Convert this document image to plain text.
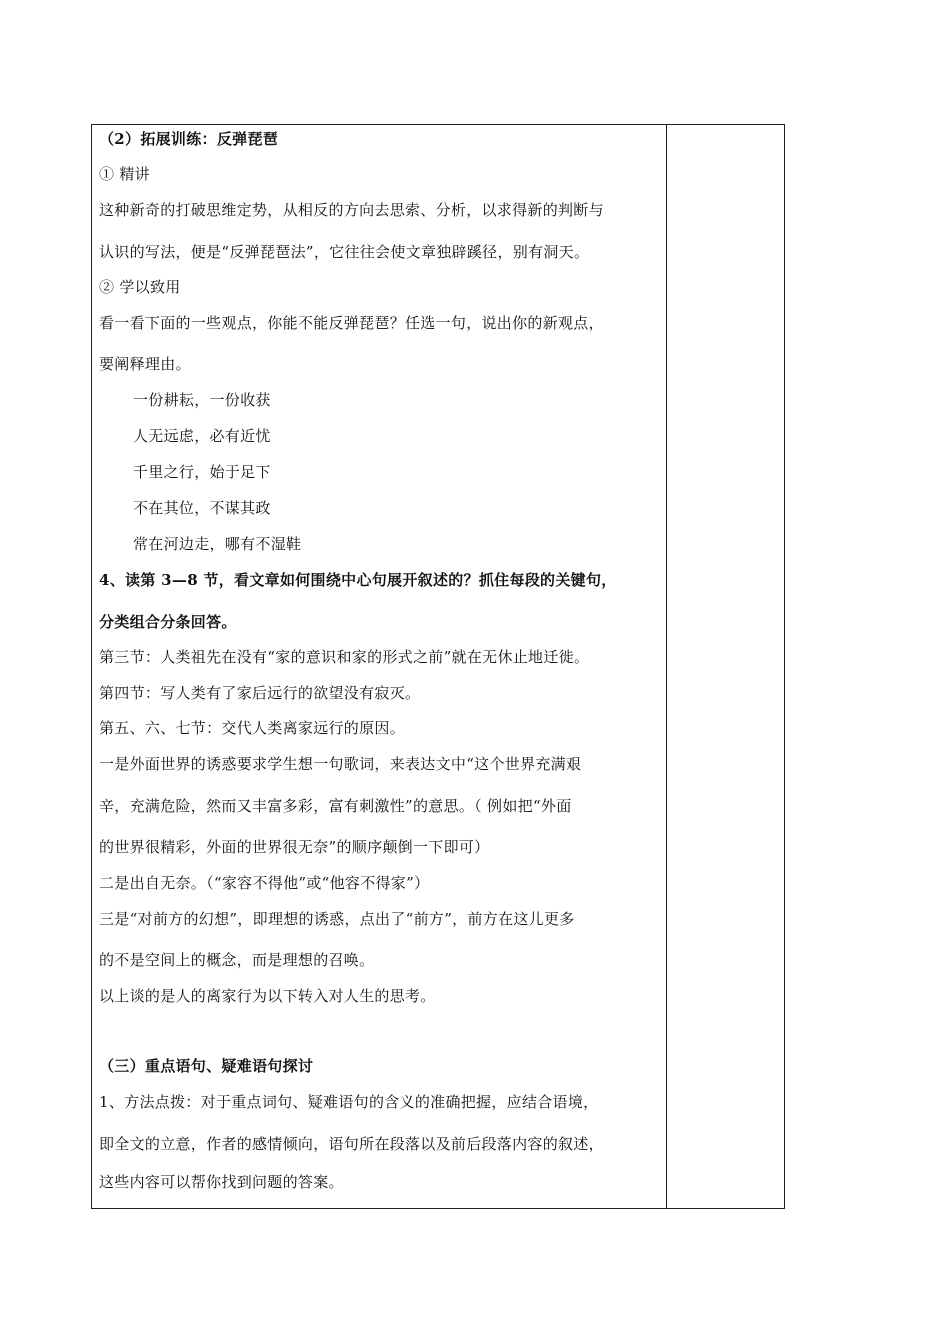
（2）拓展训练：反弹琵琶
① 精讲
这种新奇的打破思维定势，从相反的方向去思索、分析，以求得新的判断与
认识的写法，便是“反弹琵琶法”，它往往会使文章独辟蹊径，别有洞天。
② 学以致用
看一看下面的一些观点，你能不能反弹琵琶？任选一句，说出你的新观点，
要阐释理由。
一份耕耘，一份收获
人无远虑，必有近忧
千里之行，始于足下
不在其位，不谋其政
常在河边走，哪有不湿鞋
4、读第 3—8 节，看文章如何围绕中心句展开叙述的？抓住每段的关键句，
分类组合分条回答。
第三节：人类祖先在没有“家的意识和家的形式之前”就在无休止地迁徙。
第四节：写人类有了家后远行的欲望没有寂灭。
第五、六、七节：交代人类离家远行的原因。
一是外面世界的诱惑要求学生想一句歌词，来表达文中“这个世界充满艰
辛，充满危险，然而又丰富多彩，富有刺激性”的意思。（ 例如把“外面
的世界很精彩，外面的世界很无奈”的顺序颠倒一下即可）
二是出自无奈。（“家容不得他”或“他容不得家”）
三是“对前方的幻想”，即理想的诱惑，点出了“前方”，前方在这儿更多
的不是空间上的概念，而是理想的召唤。
以上谈的是人的离家行为以下转入对人生的思考。
（三）重点语句、疑难语句探讨
1、方法点拨：对于重点词句、疑难语句的含义的准确把握，应结合语境，
即全文的立意，作者的感情倾向，语句所在段落以及前后段落内容的叙述，
这些内容可以帮你找到问题的答案。
